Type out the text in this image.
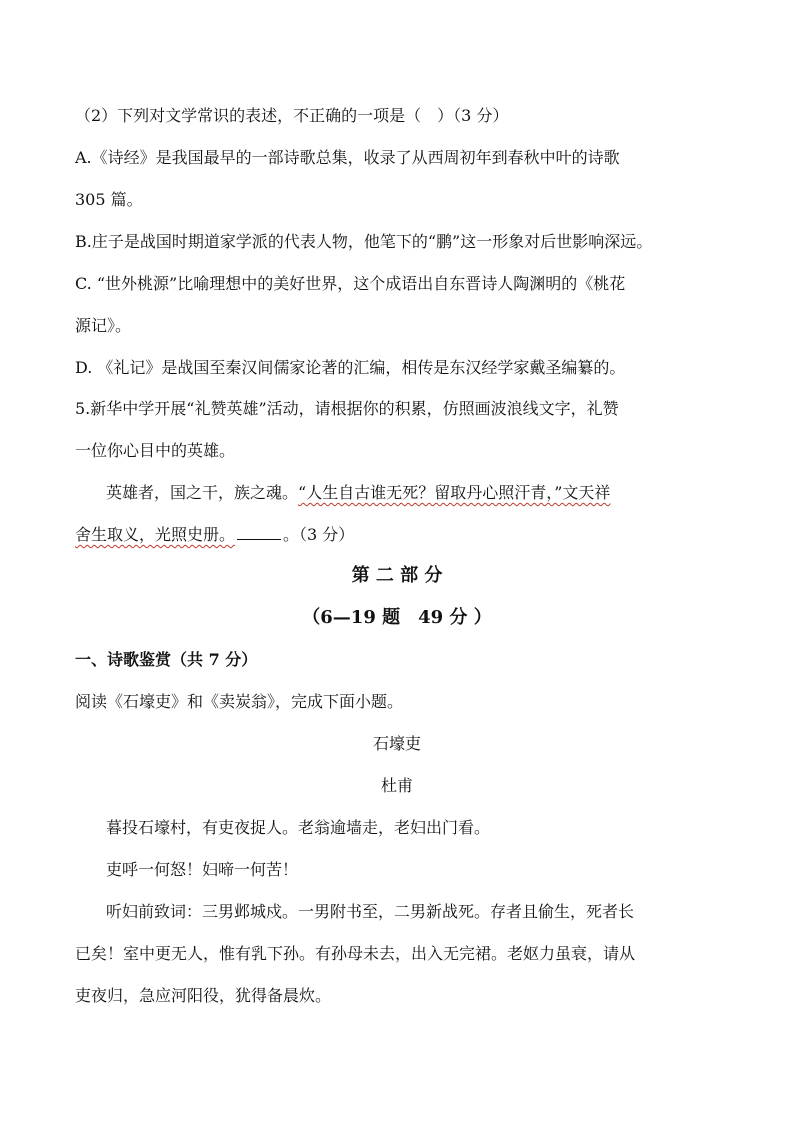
（2）下列对文学常识的表述，不正确的一项是（　）（3 分）
A.《诗经》是我国最早的一部诗歌总集，收录了从西周初年到春秋中叶的诗歌
305 篇。
B.庄子是战国时期道家学派的代表人物，他笔下的“鹏”这一形象对后世影响深远。
C. “世外桃源”比喻理想中的美好世界，这个成语出自东晋诗人陶渊明的《桃花
源记》。
D. 《礼记》是战国至秦汉间儒家论著的汇编，相传是东汉经学家戴圣编纂的。
5.新华中学开展“礼赞英雄”活动，请根据你的积累，仿照画波浪线文字，礼赞
一位你心目中的英雄。
英雄者，国之干，族之魂。“人生自古谁无死？留取丹心照汗青，”文天祥
舍生取义，光照史册。	。（3 分）
第 二 部 分
（6—19 题　49 分 ）
一、诗歌鉴赏（共 7 分）
阅读《石壕吏》和《卖炭翁》，完成下面小题。
石壕吏
杜甫
暮投石壕村，有吏夜捉人。老翁逾墙走，老妇出门看。
吏呼一何怒！妇啼一何苦！
听妇前致词：三男邺城戍。一男附书至，二男新战死。存者且偷生，死者长
已矣！室中更无人，惟有乳下孙。有孙母未去，出入无完裙。老妪力虽衰，请从
吏夜归，急应河阳役，犹得备晨炊。
